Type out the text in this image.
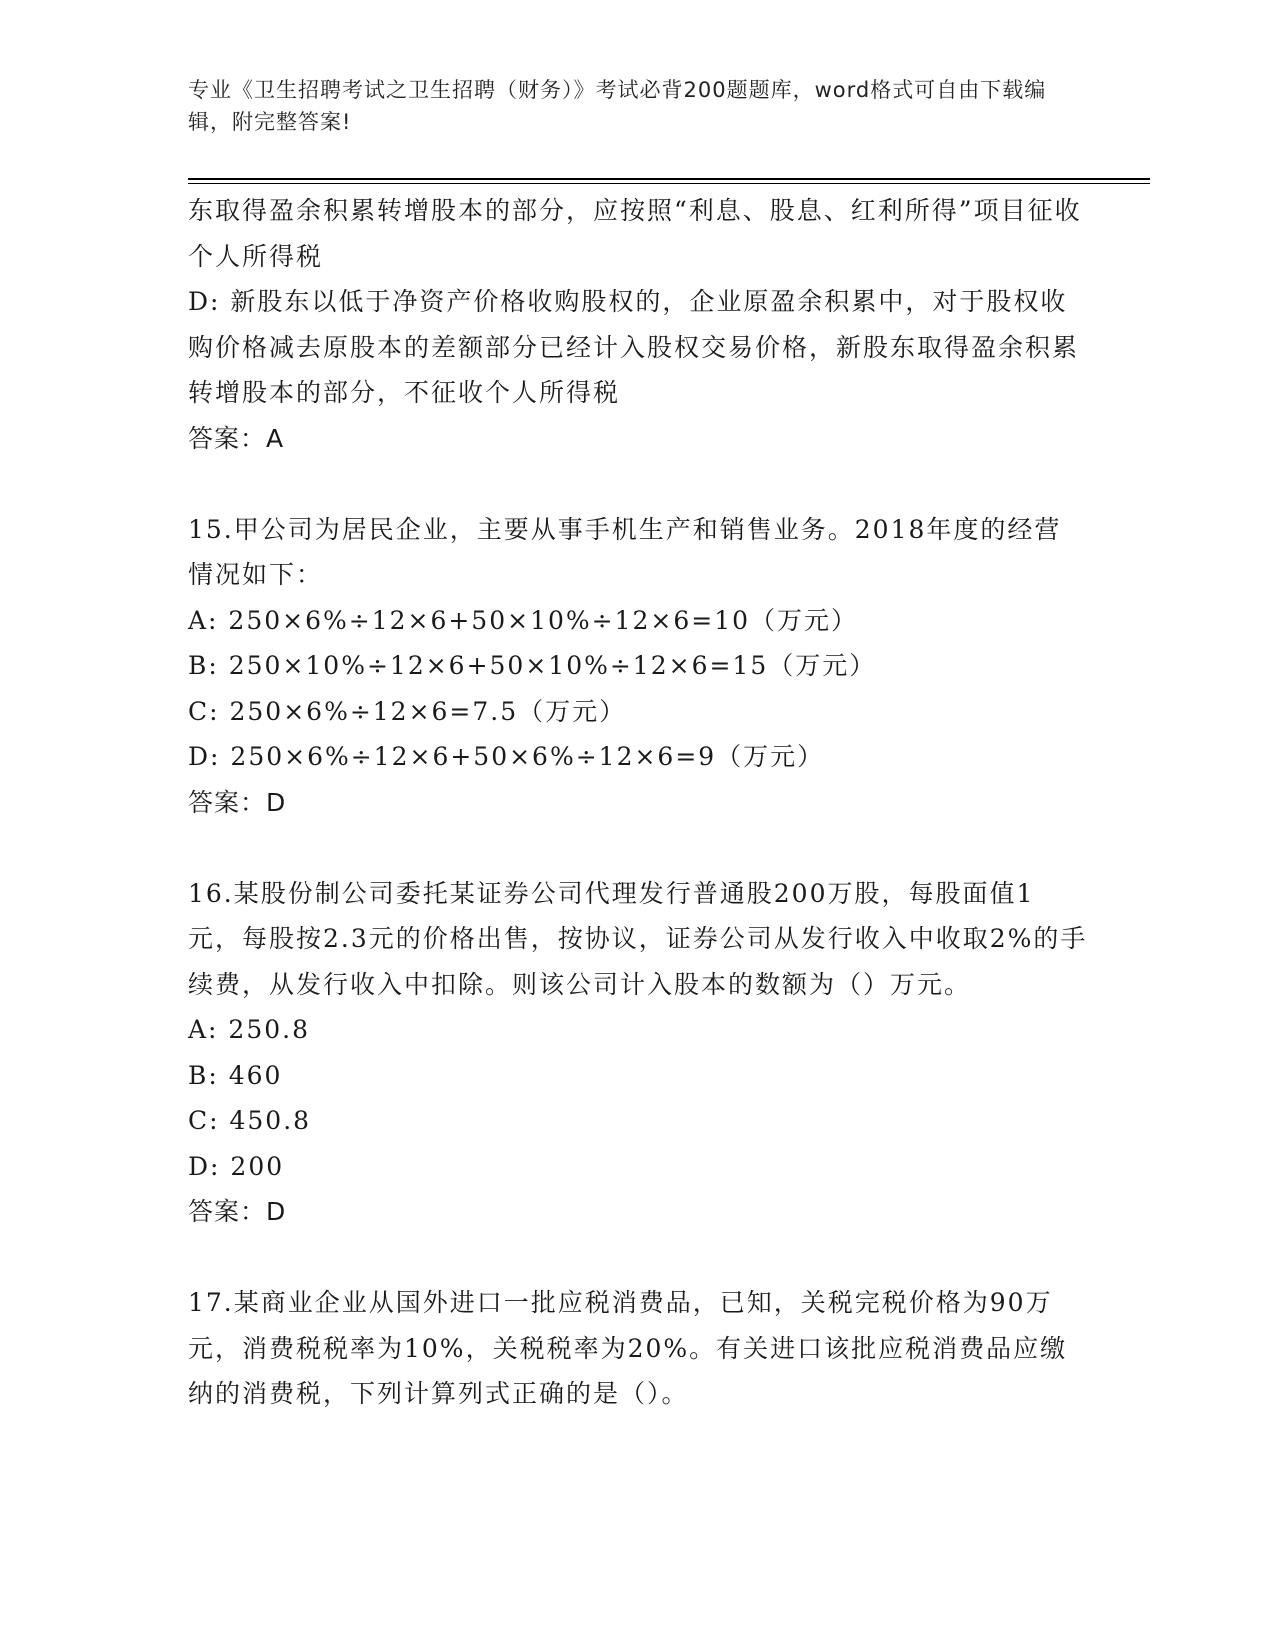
专业《卫生招聘考试之卫生招聘（财务）》考试必背200题题库，word格式可自由下载编辑，附完整答案!

东取得盈余积累转增股本的部分，应按照“利息、股息、红利所得”项目征收个人所得税

D: 新股东以低于净资产价格收购股权的，企业原盈余积累中，对于股权收购价格减去原股本的差额部分已经计入股权交易价格，新股东取得盈余积累转增股本的部分，不征收个人所得税

答案：A

15.甲公司为居民企业，主要从事手机生产和销售业务。2018年度的经营情况如下：

A: 250×6%÷12×6+50×10%÷12×6=10（万元）

B: 250×10%÷12×6+50×10%÷12×6=15（万元）

C: 250×6%÷12×6=7.5（万元）

D: 250×6%÷12×6+50×6%÷12×6=9（万元）

答案：D

16.某股份制公司委托某证券公司代理发行普通股200万股，每股面值1元，每股按2.3元的价格出售，按协议，证券公司从发行收入中收取2%的手续费，从发行收入中扣除。则该公司计入股本的数额为（）万元。

A: 250.8

B: 460

C: 450.8

D: 200

答案：D

17.某商业企业从国外进口一批应税消费品，已知，关税完税价格为90万元，消费税税率为10%，关税税率为20%。有关进口该批应税消费品应缴纳的消费税，下列计算列式正确的是（）。
